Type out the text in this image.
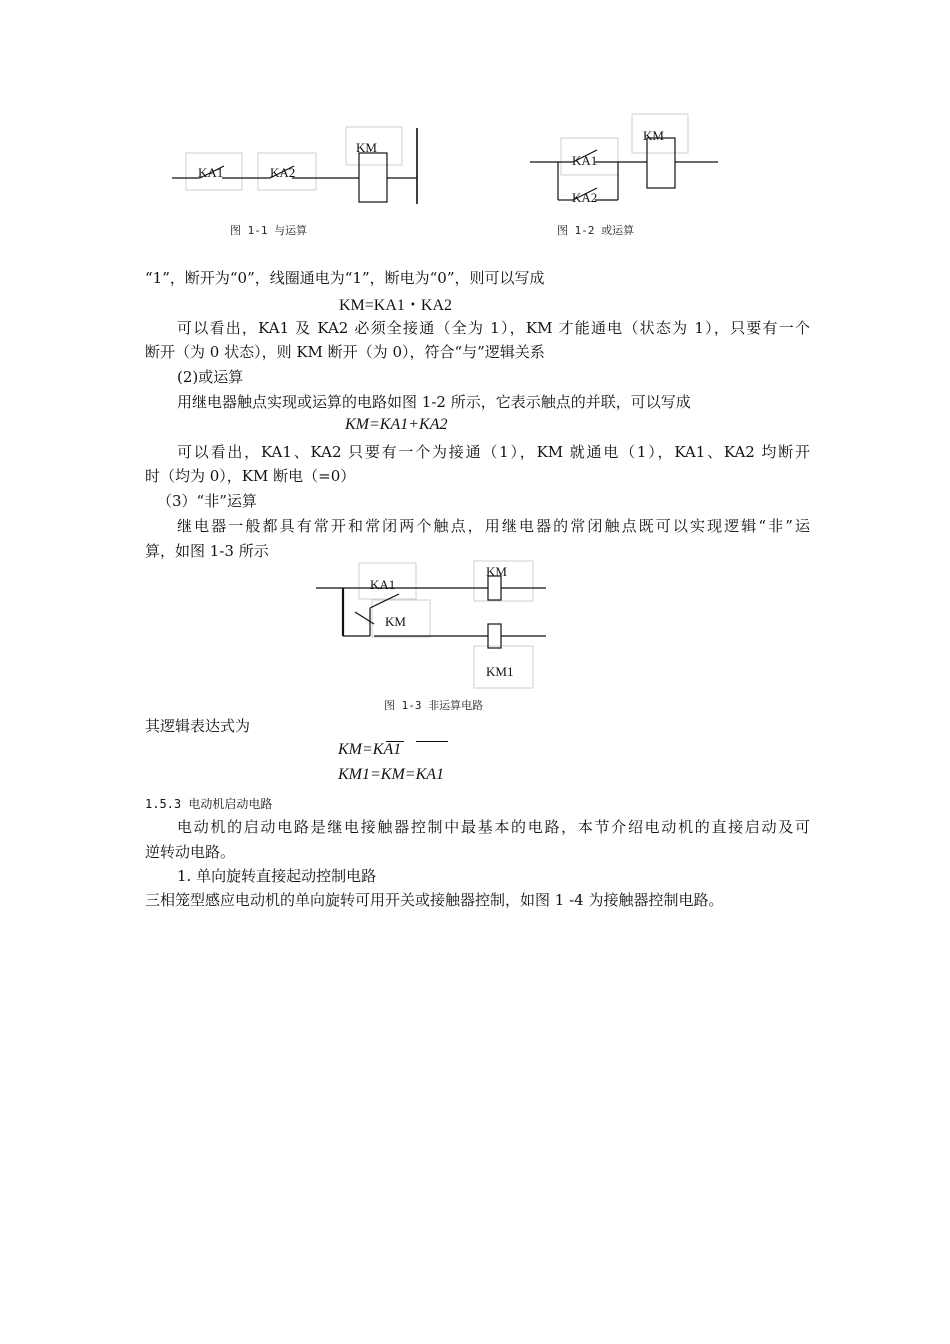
KA1	KA2
KM
图 1-1 与运算
KA1
KA2
KM
图 1-2 或运算
“1”，断开为“0”，线圈通电为“1”，断电为“0”，则可以写成
KM=KA1・KA2
可以看出，KA1 及 KA2 必须全接通（全为 1），KM 才能通电（状态为 1），只要有一个
断开（为 0 状态），则 KM 断开（为 0），符合“与”逻辑关系
(2)或运算
用继电器触点实现或运算的电路如图 1-2 所示，它表示触点的并联，可以写成
KM=KA1+KA2
可以看出，KA1、KA2 只要有一个为接通（1），KM 就通电（1），KA1、KA2 均断开
时（均为 0），KM 断电（=0）
（3）“非”运算
继电器一般都具有常开和常闭两个触点，用继电器的常闭触点既可以实现逻辑“非”运
算，如图 1-3 所示
KA1
KM
KM
KM1
图 1-3 非运算电路
其逻辑表达式为
KM=KA1
KM1=KM=KA1
1.5.3 电动机启动电路
电动机的启动电路是继电接触器控制中最基本的电路，本节介绍电动机的直接启动及可
逆转动电路。
1. 单向旋转直接起动控制电路
三相笼型感应电动机的单向旋转可用开关或接触器控制，如图 1 -4 为接触器控制电路。
